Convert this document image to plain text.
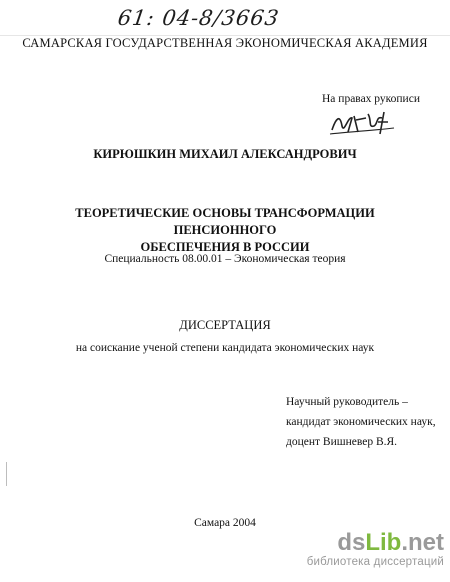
61: 04-8/3663
САМАРСКАЯ ГОСУДАРСТВЕННАЯ ЭКОНОМИЧЕСКАЯ АКАДЕМИЯ
На правах рукописи
КИРЮШКИН МИХАИЛ АЛЕКСАНДРОВИЧ
ТЕОРЕТИЧЕСКИЕ ОСНОВЫ ТРАНСФОРМАЦИИ ПЕНСИОННОГО
ОБЕСПЕЧЕНИЯ В РОССИИ
Специальность 08.00.01 – Экономическая теория
ДИССЕРТАЦИЯ
на соискание ученой степени кандидата экономических наук
Научный руководитель –
кандидат экономических наук,
доцент Вишневер В.Я.
Самара 2004
dsLib.net
библиотека диссертаций
